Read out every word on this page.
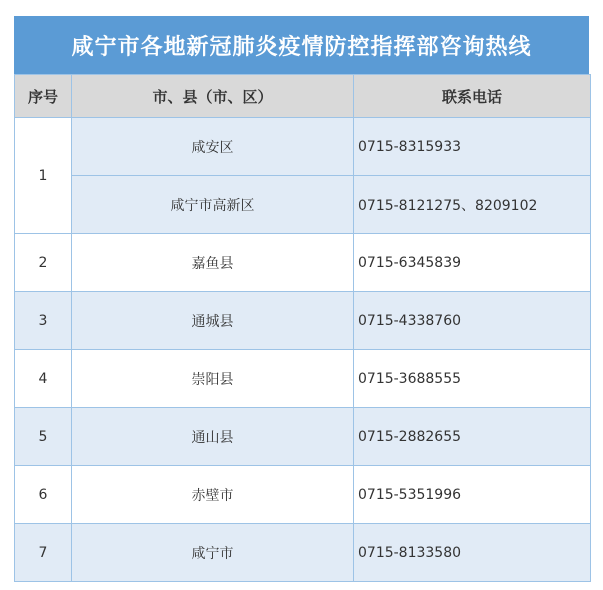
咸宁市各地新冠肺炎疫情防控指挥部咨询热线
序号	市、县（市、区）	联系电话
1	咸安区	0715-8315933
	咸宁市高新区	0715-8121275、8209102
2	嘉鱼县	0715-6345839
3	通城县	0715-4338760
4	崇阳县	0715-3688555
5	通山县	0715-2882655
6	赤壁市	0715-5351996
7	咸宁市	0715-8133580
